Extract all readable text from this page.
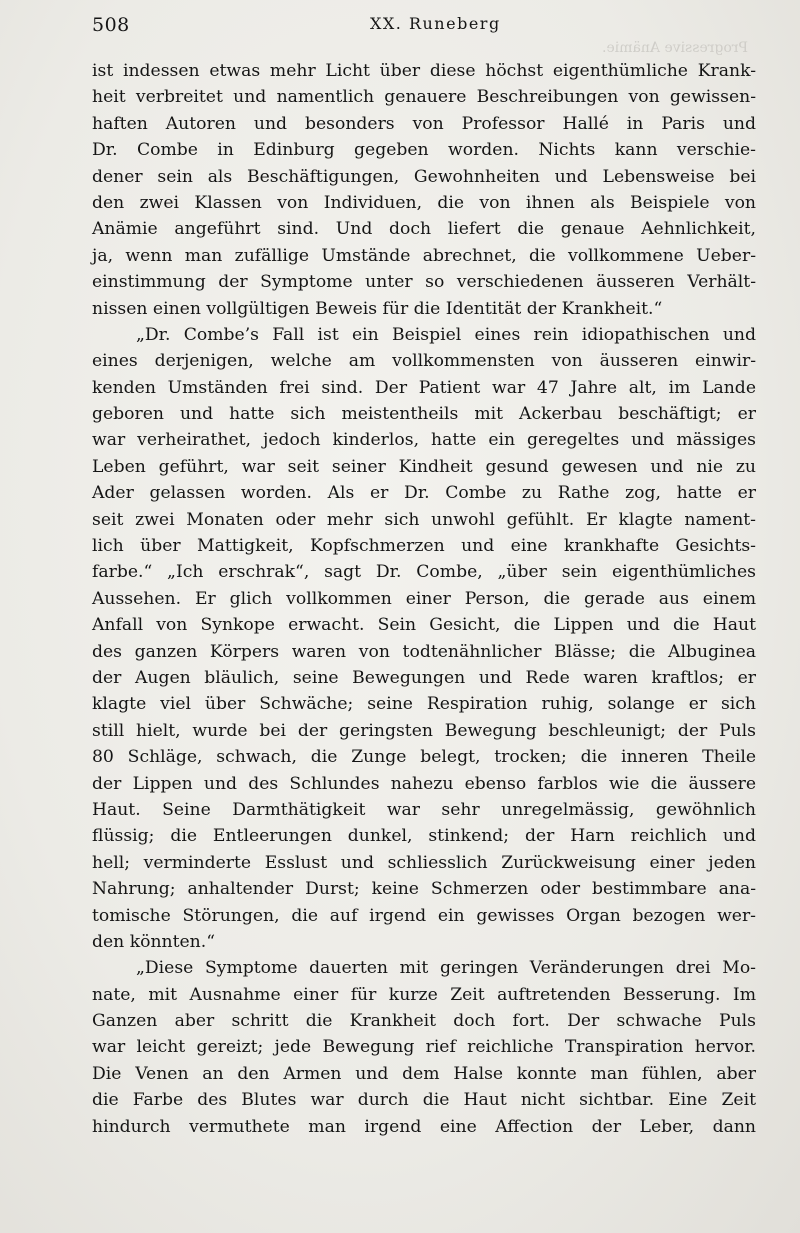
508	XX. Runeberg
Progressive Anämie.
ist indessen etwas mehr Licht über diese höchst eigenthümliche Krank-
heit verbreitet und namentlich genauere Beschreibungen von gewissen-
haften Autoren und besonders von Professor Hallé in Paris und
Dr. Combe in Edinburg gegeben worden. Nichts kann verschie-
dener sein als Beschäftigungen, Gewohnheiten und Lebensweise bei
den zwei Klassen von Individuen, die von ihnen als Beispiele von
Anämie angeführt sind. Und doch liefert die genaue Aehnlichkeit,
ja, wenn man zufällige Umstände abrechnet, die vollkommene Ueber-
einstimmung der Symptome unter so verschiedenen äusseren Verhält-
nissen einen vollgültigen Beweis für die Identität der Krankheit.“
„Dr. Combe’s Fall ist ein Beispiel eines rein idiopathischen und
eines derjenigen, welche am vollkommensten von äusseren einwir-
kenden Umständen frei sind. Der Patient war 47 Jahre alt, im Lande
geboren und hatte sich meistentheils mit Ackerbau beschäftigt; er
war verheirathet, jedoch kinderlos, hatte ein geregeltes und mässiges
Leben geführt, war seit seiner Kindheit gesund gewesen und nie zu
Ader gelassen worden. Als er Dr. Combe zu Rathe zog, hatte er
seit zwei Monaten oder mehr sich unwohl gefühlt. Er klagte nament-
lich über Mattigkeit, Kopfschmerzen und eine krankhafte Gesichts-
farbe.“ „Ich erschrak“, sagt Dr. Combe, „über sein eigenthümliches
Aussehen. Er glich vollkommen einer Person, die gerade aus einem
Anfall von Synkope erwacht. Sein Gesicht, die Lippen und die Haut
des ganzen Körpers waren von todtenähnlicher Blässe; die Albuginea
der Augen bläulich, seine Bewegungen und Rede waren kraftlos; er
klagte viel über Schwäche; seine Respiration ruhig, solange er sich
still hielt, wurde bei der geringsten Bewegung beschleunigt; der Puls
80 Schläge, schwach, die Zunge belegt, trocken; die inneren Theile
der Lippen und des Schlundes nahezu ebenso farblos wie die äussere
Haut. Seine Darmthätigkeit war sehr unregelmässig, gewöhnlich
flüssig; die Entleerungen dunkel, stinkend; der Harn reichlich und
hell; verminderte Esslust und schliesslich Zurückweisung einer jeden
Nahrung; anhaltender Durst; keine Schmerzen oder bestimmbare ana-
tomische Störungen, die auf irgend ein gewisses Organ bezogen wer-
den könnten.“
„Diese Symptome dauerten mit geringen Veränderungen drei Mo-
nate, mit Ausnahme einer für kurze Zeit auftretenden Besserung. Im
Ganzen aber schritt die Krankheit doch fort. Der schwache Puls
war leicht gereizt; jede Bewegung rief reichliche Transpiration hervor.
Die Venen an den Armen und dem Halse konnte man fühlen, aber
die Farbe des Blutes war durch die Haut nicht sichtbar. Eine Zeit
hindurch vermuthete man irgend eine Affection der Leber, dann
